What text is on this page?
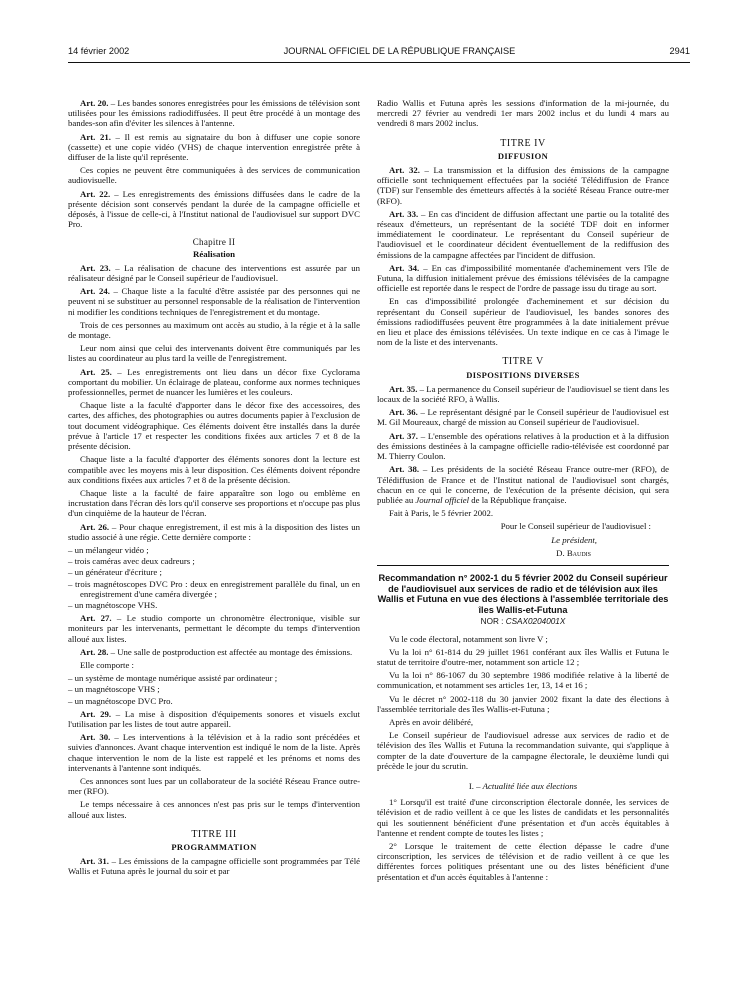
14 février 2002	JOURNAL OFFICIEL DE LA RÉPUBLIQUE FRANÇAISE	2941

Art. 20. – Les bandes sonores enregistrées pour les émissions de télévision sont utilisées pour les émissions radiodiffusées. Il peut être procédé à un montage des bandes-son afin d'éviter les silences à l'antenne.

Art. 21. – Il est remis au signataire du bon à diffuser une copie sonore (cassette) et une copie vidéo (VHS) de chaque intervention enregistrée prête à diffuser de la liste qu'il représente.

Ces copies ne peuvent être communiquées à des services de communication audiovisuelle.

Art. 22. – Les enregistrements des émissions diffusées dans le cadre de la présente décision sont conservés pendant la durée de la campagne officielle et déposés, à l'issue de celle-ci, à l'Institut national de l'audiovisuel sur support DVC Pro.

Chapitre II
Réalisation

Art. 23. – La réalisation de chacune des interventions est assurée par un réalisateur désigné par le Conseil supérieur de l'audiovisuel.

Art. 24. – Chaque liste a la faculté d'être assistée par des personnes qui ne peuvent ni se substituer au personnel responsable de la réalisation de l'intervention ni modifier les conditions techniques de l'enregistrement et du montage.

Trois de ces personnes au maximum ont accès au studio, à la régie et à la salle de montage.

Leur nom ainsi que celui des intervenants doivent être communiqués par les listes au coordinateur au plus tard la veille de l'enregistrement.

Art. 25. – Les enregistrements ont lieu dans un décor fixe Cyclorama comportant du mobilier. Un éclairage de plateau, conforme aux normes techniques professionnelles, permet de nuancer les lumières et les couleurs.

Chaque liste a la faculté d'apporter dans le décor fixe des accessoires, des cartes, des affiches, des photographies ou autres documents papier à l'exclusion de tout document vidéographique. Ces éléments doivent être installés dans la durée prévue à l'article 17 et respecter les conditions fixées aux articles 7 et 8 de la présente décision.

Chaque liste a la faculté d'apporter des éléments sonores dont la lecture est compatible avec les moyens mis à leur disposition. Ces éléments doivent répondre aux conditions fixées aux articles 7 et 8 de la présente décision.

Chaque liste a la faculté de faire apparaître son logo ou emblème en incrustation dans l'écran dès lors qu'il conserve ses proportions et n'occupe pas plus d'un cinquième de la hauteur de l'écran.

Art. 26. – Pour chaque enregistrement, il est mis à la disposition des listes un studio associé à une régie. Cette dernière comporte :

– un mélangeur vidéo ;
– trois caméras avec deux cadreurs ;
– un générateur d'écriture ;
– trois magnétoscopes DVC Pro : deux en enregistrement parallèle du final, un en enregistrement d'une caméra divergée ;
– un magnétoscope VHS.

Art. 27. – Le studio comporte un chronomètre électronique, visible sur moniteurs par les intervenants, permettant le décompte du temps d'intervention alloué aux listes.

Art. 28. – Une salle de postproduction est affectée au montage des émissions.

Elle comporte :

– un système de montage numérique assisté par ordinateur ;
– un magnétoscope VHS ;
– un magnétoscope DVC Pro.

Art. 29. – La mise à disposition d'équipements sonores et visuels exclut l'utilisation par les listes de tout autre appareil.

Art. 30. – Les interventions à la télévision et à la radio sont précédées et suivies d'annonces. Avant chaque intervention est indiqué le nom de la liste. Après chaque intervention le nom de la liste est rappelé et les prénoms et noms des intervenants à l'antenne sont indiqués.

Ces annonces sont lues par un collaborateur de la société Réseau France outre-mer (RFO).

Le temps nécessaire à ces annonces n'est pas pris sur le temps d'intervention alloué aux listes.

TITRE III
PROGRAMMATION

Art. 31. – Les émissions de la campagne officielle sont programmées par Télé Wallis et Futuna après le journal du soir et par

Radio Wallis et Futuna après les sessions d'information de la mi-journée, du mercredi 27 février au vendredi 1er mars 2002 inclus et du lundi 4 mars au vendredi 8 mars 2002 inclus.

TITRE IV
DIFFUSION

Art. 32. – La transmission et la diffusion des émissions de la campagne officielle sont techniquement effectuées par la société Télédiffusion de France (TDF) sur l'ensemble des émetteurs affectés à la société Réseau France outre-mer (RFO).

Art. 33. – En cas d'incident de diffusion affectant une partie ou la totalité des réseaux d'émetteurs, un représentant de la société TDF doit en informer immédiatement le coordinateur. Le représentant du Conseil supérieur de l'audiovisuel et le coordinateur décident éventuellement de la rediffusion des émissions de la campagne affectées par l'incident de diffusion.

Art. 34. – En cas d'impossibilité momentanée d'acheminement vers l'île de Futuna, la diffusion initialement prévue des émissions télévisées de la campagne officielle est reportée dans le respect de l'ordre de passage issu du tirage au sort.

En cas d'impossibilité prolongée d'acheminement et sur décision du représentant du Conseil supérieur de l'audiovisuel, les bandes sonores des émissions radiodiffusées peuvent être programmées à la date initialement prévue en lieu et place des émissions télévisées. Un texte indique en ce cas à l'image le nom de la liste et des intervenants.

TITRE V
DISPOSITIONS DIVERSES

Art. 35. – La permanence du Conseil supérieur de l'audiovisuel se tient dans les locaux de la société RFO, à Wallis.

Art. 36. – Le représentant désigné par le Conseil supérieur de l'audiovisuel est M. Gil Moureaux, chargé de mission au Conseil supérieur de l'audiovisuel.

Art. 37. – L'ensemble des opérations relatives à la production et à la diffusion des émissions destinées à la campagne officielle radio-télévisée est coordonné par M. Thierry Coulon.

Art. 38. – Les présidents de la société Réseau France outre-mer (RFO), de Télédiffusion de France et de l'Institut national de l'audiovisuel sont chargés, chacun en ce qui le concerne, de l'exécution de la présente décision, qui sera publiée au Journal officiel de la République française.

Fait à Paris, le 5 février 2002.

Pour le Conseil supérieur de l'audiovisuel :

Le président,

D. Baudis

Recommandation n° 2002-1 du 5 février 2002 du Conseil supérieur de l'audiovisuel aux services de radio et de télévision aux îles Wallis et Futuna en vue des élections à l'assemblée territoriale des îles Wallis-et-Futuna
NOR : CSAX0204001X

Vu le code électoral, notamment son livre V ;

Vu la loi n° 61-814 du 29 juillet 1961 conférant aux îles Wallis et Futuna le statut de territoire d'outre-mer, notamment son article 12 ;

Vu la loi n° 86-1067 du 30 septembre 1986 modifiée relative à la liberté de communication, et notamment ses articles 1er, 13, 14 et 16 ;

Vu le décret n° 2002-118 du 30 janvier 2002 fixant la date des élections à l'assemblée territoriale des îles Wallis-et-Futuna ;

Après en avoir délibéré,

Le Conseil supérieur de l'audiovisuel adresse aux services de radio et de télévision des îles Wallis et Futuna la recommandation suivante, qui s'applique à compter de la date d'ouverture de la campagne électorale, le deuxième lundi qui précède le jour du scrutin.

I. – Actualité liée aux élections

1° Lorsqu'il est traité d'une circonscription électorale donnée, les services de télévision et de radio veillent à ce que les listes de candidats et les personnalités qui les soutiennent bénéficient d'une présentation et d'un accès équitables à l'antenne et rendent compte de toutes les listes ;

2° Lorsque le traitement de cette élection dépasse le cadre d'une circonscription, les services de télévision et de radio veillent à ce que les différentes forces politiques présentant une ou des listes bénéficient d'une présentation et d'un accès équitables à l'antenne :
